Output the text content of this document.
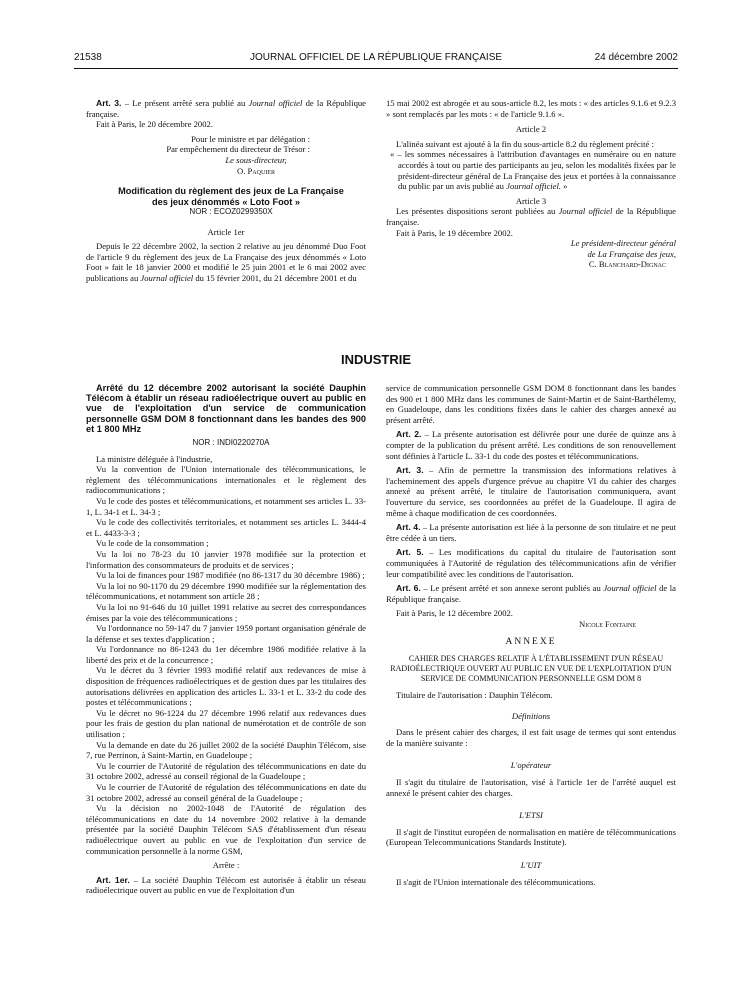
21538	JOURNAL OFFICIEL DE LA RÉPUBLIQUE FRANÇAISE	24 décembre 2002

Art. 3. – Le présent arrêté sera publié au Journal officiel de la République française.

Fait à Paris, le 20 décembre 2002.

Pour le ministre et par délégation :

Par empêchement du directeur de Trésor :

Le sous-directeur,

O. Paquier

Modification du règlement des jeux de La Française des jeux dénommés « Loto Foot »

NOR : ECOZ0299350X

Article 1er

Depuis le 22 décembre 2002, la section 2 relative au jeu dénommé Duo Foot de l'article 9 du règlement des jeux de La Française des jeux dénommés « Loto Foot » fait le 18 janvier 2000 et modifié le 25 juin 2001 et le 6 mai 2002 avec publications au Journal officiel du 15 février 2001, du 21 décembre 2001 et du

15 mai 2002 est abrogée et au sous-article 8.2, les mots : « des articles 9.1.6 et 9.2.3 » sont remplacés par les mots : « de l'article 9.1.6 ».

Article 2

L'alinéa suivant est ajouté à la fin du sous-article 8.2 du règlement précité :

« – les sommes nécessaires à l'attribution d'avantages en numéraire ou en nature accordés à tout ou partie des participants au jeu, selon les modalités fixées par le président-directeur général de La Française des jeux et portées à la connaissance du public par un avis publié au Journal officiel. »

Article 3

Les présentes dispositions seront publiées au Journal officiel de la République française.

Fait à Paris, le 19 décembre 2002.

Le président-directeur général

de La Française des jeux,

C. Blanchard-Dignac

INDUSTRIE

Arrêté du 12 décembre 2002 autorisant la société Dauphin Télécom à établir un réseau radioélectrique ouvert au public en vue de l'exploitation d'un service de communication personnelle GSM DOM 8 fonctionnant dans les bandes des 900 et 1 800 MHz

NOR : INDI0220270A

La ministre déléguée à l'industrie,

Vu la convention de l'Union internationale des télécommunications, le règlement des télécommunications internationales et le règlement des radiocommunications ;

Vu le code des postes et télécommunications, et notamment ses articles L. 33-1, L. 34-1 et L. 34-3 ;

Vu le code des collectivités territoriales, et notamment ses articles L. 3444-4 et L. 4433-3-3 ;

Vu le code de la consommation ;

Vu la loi no 78-23 du 10 janvier 1978 modifiée sur la protection et l'information des consommateurs de produits et de services ;

Vu la loi de finances pour 1987 modifiée (no 86-1317 du 30 décembre 1986) ;

Vu la loi no 90-1170 du 29 décembre 1990 modifiée sur la réglementation des télécommunications, et notamment son article 28 ;

Vu la loi no 91-646 du 10 juillet 1991 relative au secret des correspondances émises par la voie des télécommunications ;

Vu l'ordonnance no 59-147 du 7 janvier 1959 portant organisation générale de la défense et ses textes d'application ;

Vu l'ordonnance no 86-1243 du 1er décembre 1986 modifiée relative à la liberté des prix et de la concurrence ;

Vu le décret du 3 février 1993 modifié relatif aux redevances de mise à disposition de fréquences radioélectriques et de gestion dues par les titulaires des autorisations délivrées en application des articles L. 33-1 et L. 33-2 du code des postes et télécommunications ;

Vu le décret no 96-1224 du 27 décembre 1996 relatif aux redevances dues pour les frais de gestion du plan national de numérotation et de contrôle de son utilisation ;

Vu la demande en date du 26 juillet 2002 de la société Dauphin Télécom, sise 7, rue Perrinon, à Saint-Martin, en Guadeloupe ;

Vu le courrier de l'Autorité de régulation des télécommunications en date du 31 octobre 2002, adressé au conseil régional de la Guadeloupe ;

Vu le courrier de l'Autorité de régulation des télécommunications en date du 31 octobre 2002, adressé au conseil général de la Guadeloupe ;

Vu la décision no 2002-1048 de l'Autorité de régulation des télécommunications en date du 14 novembre 2002 relative à la demande présentée par la société Dauphin Télécom SAS d'établissement d'un réseau radioélectrique ouvert au public en vue de l'exploitation d'un service de communication personnelle à la norme GSM,

Arrête :

Art. 1er. – La société Dauphin Télécom est autorisée à établir un réseau radioélectrique ouvert au public en vue de l'exploitation d'un

service de communication personnelle GSM DOM 8 fonctionnant dans les bandes des 900 et 1 800 MHz dans les communes de Saint-Martin et de Saint-Barthélemy, en Guadeloupe, dans les conditions fixées dans le cahier des charges annexé au présent arrêté.

Art. 2. – La présente autorisation est délivrée pour une durée de quinze ans à compter de la publication du présent arrêté. Les conditions de son renouvellement sont définies à l'article L. 33-1 du code des postes et télécommunications.

Art. 3. – Afin de permettre la transmission des informations relatives à l'acheminement des appels d'urgence prévue au chapitre VI du cahier des charges annexé au présent arrêté, le titulaire de l'autorisation communiquera, avant l'ouverture du service, ses coordonnées au préfet de la Guadeloupe. Il agira de même à chaque modification de ces coordonnées.

Art. 4. – La présente autorisation est liée à la personne de son titulaire et ne peut être cédée à un tiers.

Art. 5. – Les modifications du capital du titulaire de l'autorisation sont communiquées à l'Autorité de régulation des télécommunications afin de vérifier leur compatibilité avec les conditions de l'autorisation.

Art. 6. – Le présent arrêté et son annexe seront publiés au Journal officiel de la République française.

Fait à Paris, le 12 décembre 2002.

Nicole Fontaine

ANNEXE

CAHIER DES CHARGES RELATIF À L'ÉTABLISSEMENT D'UN RÉSEAU RADIOÉLECTRIQUE OUVERT AU PUBLIC EN VUE DE L'EXPLOITATION D'UN SERVICE DE COMMUNICATION PERSONNELLE GSM DOM 8

Titulaire de l'autorisation : Dauphin Télécom.

Définitions

Dans le présent cahier des charges, il est fait usage de termes qui sont entendus de la manière suivante :

L'opérateur

Il s'agit du titulaire de l'autorisation, visé à l'article 1er de l'arrêté auquel est annexé le présent cahier des charges.

L'ETSI

Il s'agit de l'institut européen de normalisation en matière de télécommunications (European Telecommunications Standards Institute).

L'UIT

Il s'agit de l'Union internationale des télécommunications.
